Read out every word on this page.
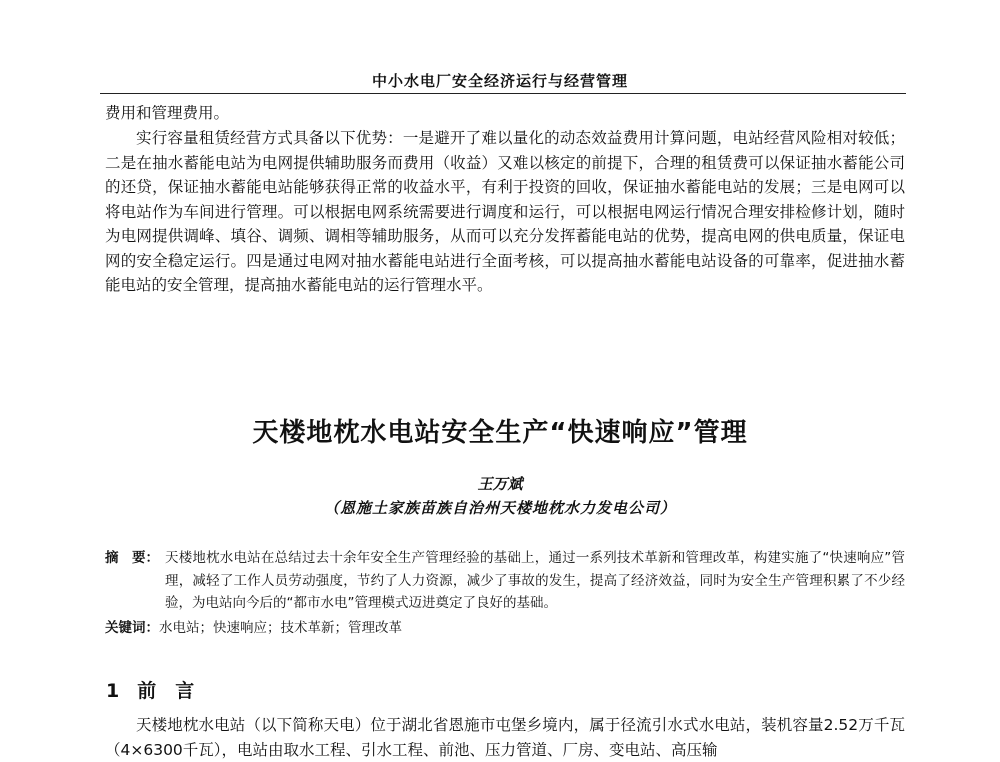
中小水电厂安全经济运行与经营管理
费用和管理费用。
实行容量租赁经营方式具备以下优势：一是避开了难以量化的动态效益费用计算问题，电站经营风险相对较低；二是在抽水蓄能电站为电网提供辅助服务而费用（收益）又难以核定的前提下，合理的租赁费可以保证抽水蓄能公司的还贷，保证抽水蓄能电站能够获得正常的收益水平，有利于投资的回收，保证抽水蓄能电站的发展；三是电网可以将电站作为车间进行管理。可以根据电网系统需要进行调度和运行，可以根据电网运行情况合理安排检修计划，随时为电网提供调峰、填谷、调频、调相等辅助服务，从而可以充分发挥蓄能电站的优势，提高电网的供电质量，保证电网的安全稳定运行。四是通过电网对抽水蓄能电站进行全面考核，可以提高抽水蓄能电站设备的可靠率，促进抽水蓄能电站的安全管理，提高抽水蓄能电站的运行管理水平。
天楼地枕水电站安全生产“快速响应”管理
王万斌
（恩施土家族苗族自治州天楼地枕水力发电公司）
摘　要： 天楼地枕水电站在总结过去十余年安全生产管理经验的基础上，通过一系列技术革新和管理改革，构建实施了“快速响应”管理，减轻了工作人员劳动强度，节约了人力资源，减少了事故的发生，提高了经济效益，同时为安全生产管理积累了不少经验，为电站向今后的“都市水电”管理模式迈进奠定了良好的基础。
关键词：水电站；快速响应；技术革新；管理改革
1 前　言
天楼地枕水电站（以下简称天电）位于湖北省恩施市屯堡乡境内，属于径流引水式水电站，装机容量2.52万千瓦（4×6300千瓦），电站由取水工程、引水工程、前池、压力管道、厂房、变电站、高压输
